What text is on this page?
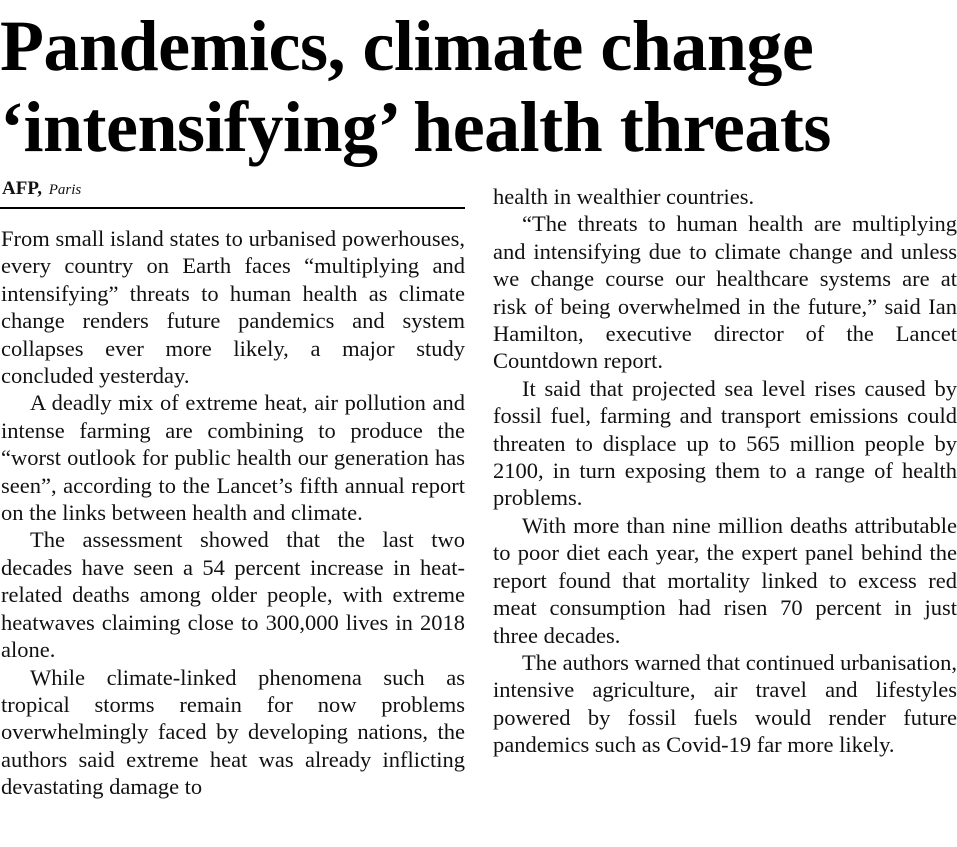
Pandemics, climate change
‘intensifying’ health threats
AFP, Paris

From small island states to urbanised powerhouses, every country on Earth faces “multiplying and intensifying” threats to human health as climate change renders future pandemics and system collapses ever more likely, a major study concluded yesterday.

A deadly mix of extreme heat, air pollution and intense farming are combining to produce the “worst outlook for public health our generation has seen”, according to the Lancet’s fifth annual report on the links between health and climate.

The assessment showed that the last two decades have seen a 54 percent increase in heat-related deaths among older people, with extreme heatwaves claiming close to 300,000 lives in 2018 alone.

While climate-linked phenomena such as tropical storms remain for now problems overwhelmingly faced by developing nations, the authors said extreme heat was already inflicting devastating damage to

health in wealthier countries.

“The threats to human health are multiplying and intensifying due to climate change and unless we change course our healthcare systems are at risk of being overwhelmed in the future,” said Ian Hamilton, executive director of the Lancet Countdown report.

It said that projected sea level rises caused by fossil fuel, farming and transport emissions could threaten to displace up to 565 million people by 2100, in turn exposing them to a range of health problems.

With more than nine million deaths attributable to poor diet each year, the expert panel behind the report found that mortality linked to excess red meat consumption had risen 70 percent in just three decades.

The authors warned that continued urbanisation, intensive agriculture, air travel and lifestyles powered by fossil fuels would render future pandemics such as Covid-19 far more likely.
